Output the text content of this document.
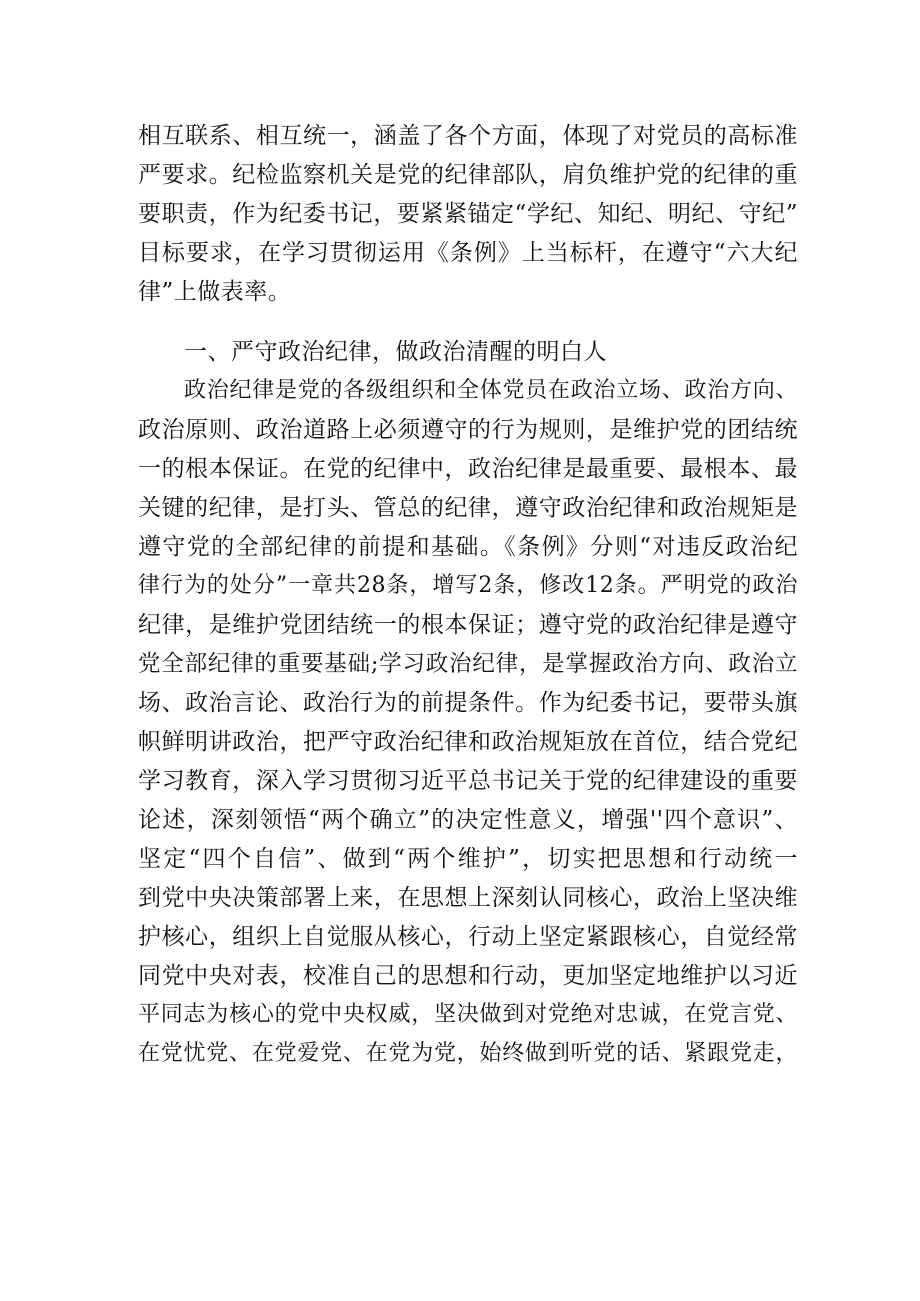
相互联系、相互统一，涵盖了各个方面，体现了对党员的高标准
严要求。纪检监察机关是党的纪律部队，肩负维护党的纪律的重
要职责，作为纪委书记，要紧紧锚定“学纪、知纪、明纪、守纪”
目标要求，在学习贯彻运用《条例》上当标杆，在遵守“六大纪
律”上做表率。
一、严守政治纪律，做政治清醒的明白人
政治纪律是党的各级组织和全体党员在政治立场、政治方向、
政治原则、政治道路上必须遵守的行为规则，是维护党的团结统
一的根本保证。在党的纪律中，政治纪律是最重要、最根本、最
关键的纪律，是打头、管总的纪律，遵守政治纪律和政治规矩是
遵守党的全部纪律的前提和基础。《条例》分则“对违反政治纪
律行为的处分”一章共28条，增写2条，修改12条。严明党的政治
纪律，是维护党团结统一的根本保证；遵守党的政治纪律是遵守
党全部纪律的重要基础;学习政治纪律，是掌握政治方向、政治立
场、政治言论、政治行为的前提条件。作为纪委书记，要带头旗
帜鲜明讲政治，把严守政治纪律和政治规矩放在首位，结合党纪
学习教育，深入学习贯彻习近平总书记关于党的纪律建设的重要
论述，深刻领悟“两个确立”的决定性意义，增强''四个意识”、
坚定“四个自信”、做到“两个维护”，切实把思想和行动统一
到党中央决策部署上来，在思想上深刻认同核心，政治上坚决维
护核心，组织上自觉服从核心，行动上坚定紧跟核心，自觉经常
同党中央对表，校准自己的思想和行动，更加坚定地维护以习近
平同志为核心的党中央权威，坚决做到对党绝对忠诚，在党言党、
在党忧党、在党爱党、在党为党，始终做到听党的话、紧跟党走，
